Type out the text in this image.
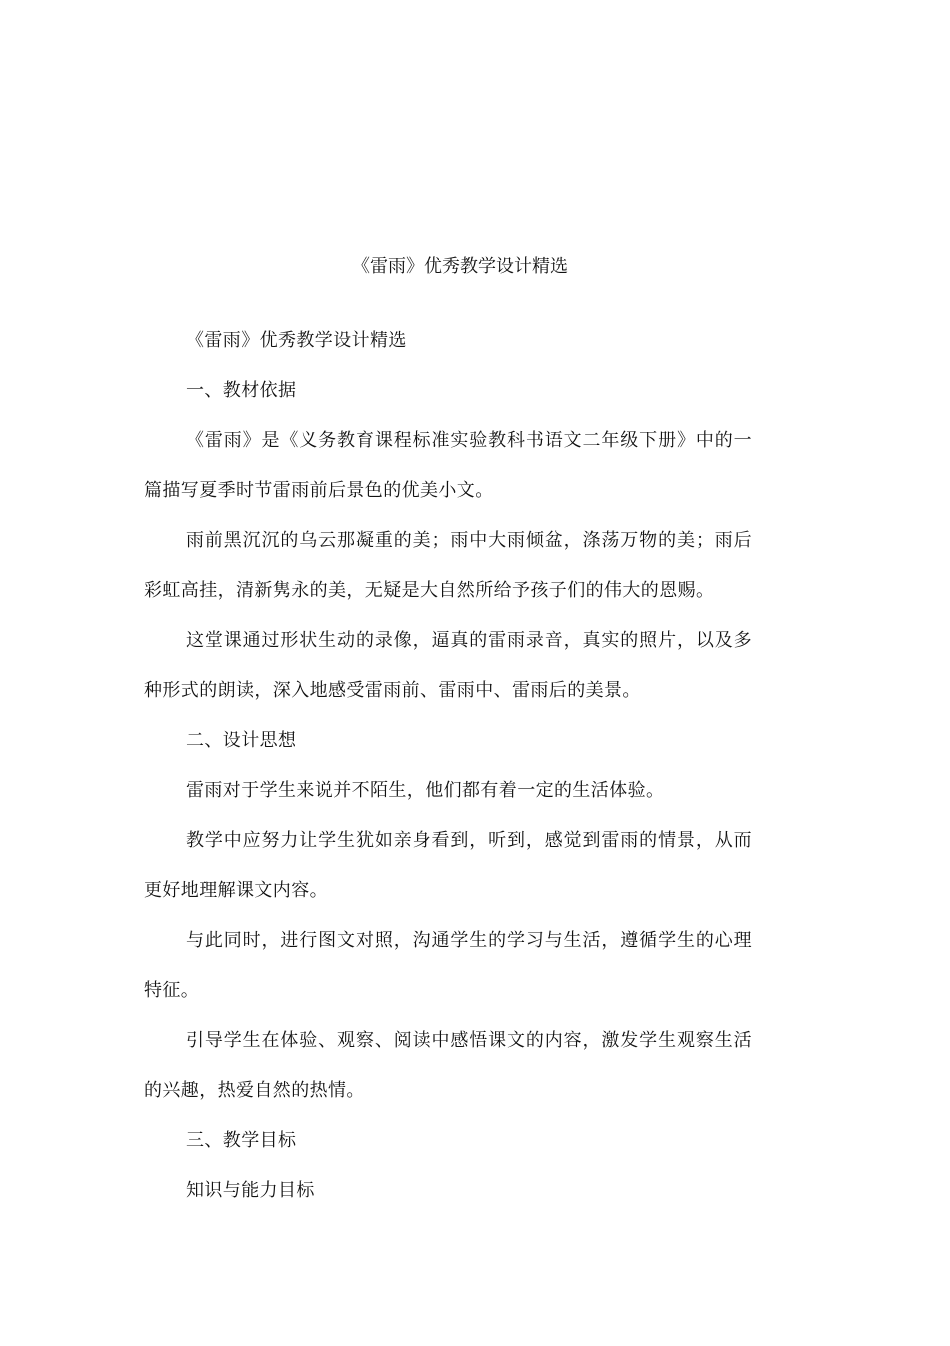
《雷雨》优秀教学设计精选

《雷雨》优秀教学设计精选

一、教材依据

《雷雨》是《义务教育课程标准实验教科书语文二年级下册》中的一篇描写夏季时节雷雨前后景色的优美小文。

雨前黑沉沉的乌云那凝重的美；雨中大雨倾盆，涤荡万物的美；雨后彩虹高挂，清新隽永的美，无疑是大自然所给予孩子们的伟大的恩赐。

这堂课通过形状生动的录像，逼真的雷雨录音，真实的照片，以及多种形式的朗读，深入地感受雷雨前、雷雨中、雷雨后的美景。

二、设计思想

雷雨对于学生来说并不陌生，他们都有着一定的生活体验。

教学中应努力让学生犹如亲身看到，听到，感觉到雷雨的情景，从而更好地理解课文内容。

与此同时，进行图文对照，沟通学生的学习与生活，遵循学生的心理特征。

引导学生在体验、观察、阅读中感悟课文的内容，激发学生观察生活的兴趣，热爱自然的热情。

三、教学目标

知识与能力目标
